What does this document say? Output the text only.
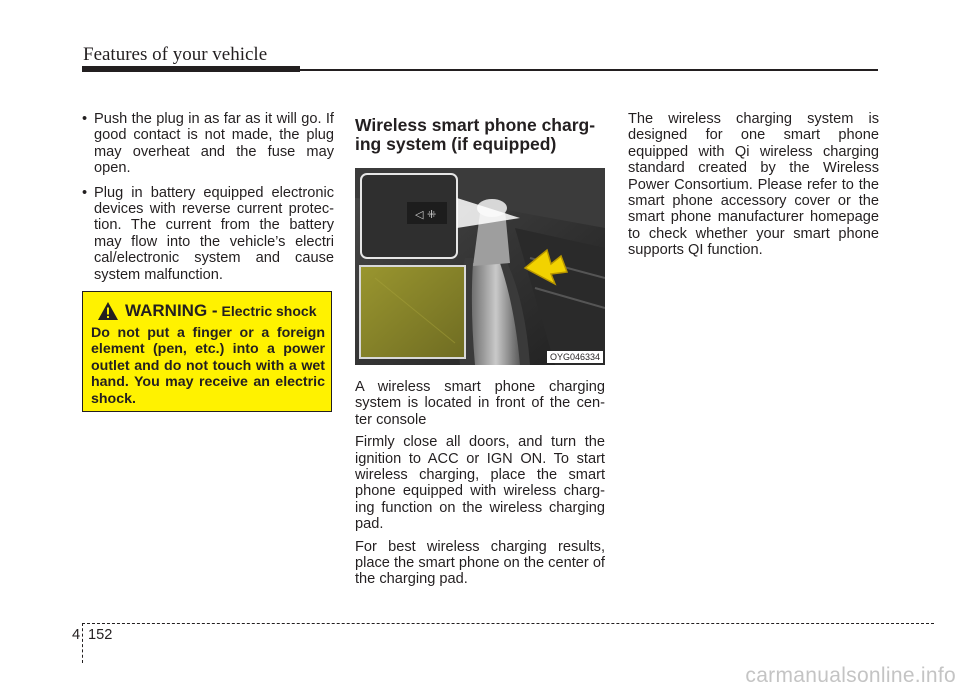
Features of your vehicle
• Push the plug in as far as it will go. If good contact is not made, the plug may overheat and the fuse may open.
• Plug in battery equipped electronic devices with reverse current protec- tion. The current from the battery may flow into the vehicle’s electri cal/electronic system and cause system malfunction.
WARNING - Electric shock
Do not put a finger or a foreign element (pen, etc.) into a power outlet and do not touch with a wet hand. You may receive an electric shock.
Wireless smart phone charg- ing system (if equipped)
◁ ⁜
OYG046334

A wireless smart phone charging system is located in front of the cen- ter console

Firmly close all doors, and turn the ignition to ACC or IGN ON. To start wireless charging, place the smart phone equipped with wireless charg- ing function on the wireless charging pad.

For best wireless charging results, place the smart phone on the center of the charging pad.

The wireless charging system is designed for one smart phone equipped with Qi wireless charging standard created by the Wireless Power Consortium. Please refer to the smart phone accessory cover or the smart phone manufacturer homepage to check whether your smart phone supports QI function.

4 152
carmanualsonline.info
